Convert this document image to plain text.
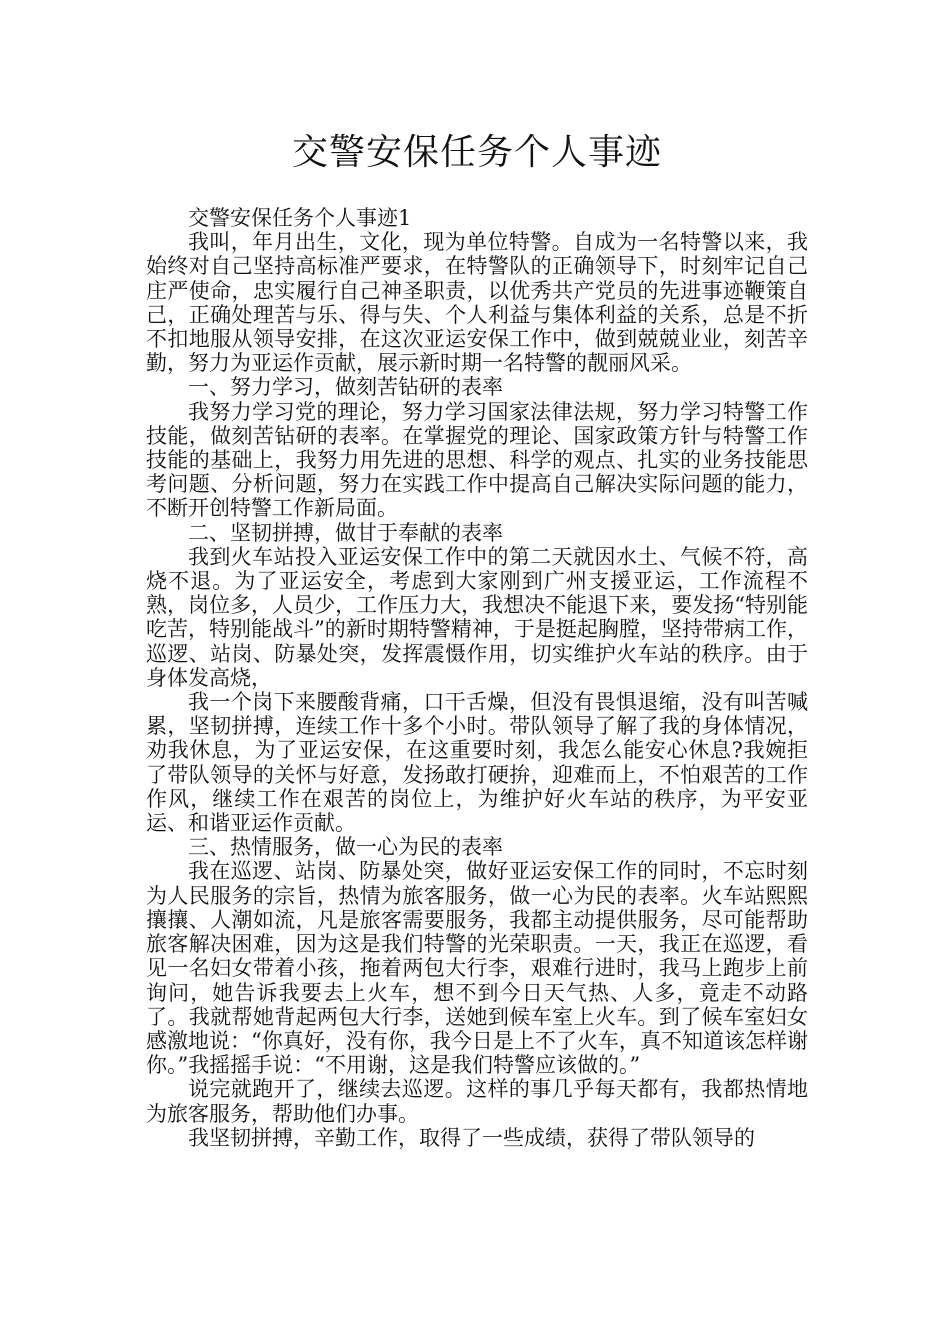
交警安保任务个人事迹

交警安保任务个人事迹1

我叫，年月出生，文化，现为单位特警。自成为一名特警以来，我始终对自己坚持高标准严要求，在特警队的正确领导下，时刻牢记自己庄严使命，忠实履行自己神圣职责，以优秀共产党员的先进事迹鞭策自己，正确处理苦与乐、得与失、个人利益与集体利益的关系，总是不折不扣地服从领导安排，在这次亚运安保工作中，做到兢兢业业，刻苦辛勤，努力为亚运作贡献，展示新时期一名特警的靓丽风采。

一、努力学习，做刻苦钻研的表率

我努力学习党的理论，努力学习国家法律法规，努力学习特警工作技能，做刻苦钻研的表率。在掌握党的理论、国家政策方针与特警工作技能的基础上，我努力用先进的思想、科学的观点、扎实的业务技能思考问题、分析问题，努力在实践工作中提高自己解决实际问题的能力，不断开创特警工作新局面。

二、坚韧拼搏，做甘于奉献的表率

我到火车站投入亚运安保工作中的第二天就因水土、气候不符，高烧不退。为了亚运安全，考虑到大家刚到广州支援亚运，工作流程不熟，岗位多，人员少，工作压力大，我想决不能退下来，要发扬“特别能吃苦，特别能战斗”的新时期特警精神，于是挺起胸膛，坚持带病工作，巡逻、站岗、防暴处突，发挥震慑作用，切实维护火车站的秩序。由于身体发高烧，

我一个岗下来腰酸背痛，口干舌燥，但没有畏惧退缩，没有叫苦喊累，坚韧拼搏，连续工作十多个小时。带队领导了解了我的身体情况，劝我休息，为了亚运安保，在这重要时刻，我怎么能安心休息?我婉拒了带队领导的关怀与好意，发扬敢打硬拚，迎难而上，不怕艰苦的工作作风，继续工作在艰苦的岗位上，为维护好火车站的秩序，为平安亚运、和谐亚运作贡献。

三、热情服务，做一心为民的表率

我在巡逻、站岗、防暴处突，做好亚运安保工作的同时，不忘时刻为人民服务的宗旨，热情为旅客服务，做一心为民的表率。火车站熙熙攘攘、人潮如流，凡是旅客需要服务，我都主动提供服务，尽可能帮助旅客解决困难，因为这是我们特警的光荣职责。一天，我正在巡逻，看见一名妇女带着小孩，拖着两包大行李，艰难行进时，我马上跑步上前询问，她告诉我要去上火车，想不到今日天气热、人多，竟走不动路了。我就帮她背起两包大行李，送她到候车室上火车。到了候车室妇女感激地说：“你真好，没有你，我今日是上不了火车，真不知道该怎样谢你。”我摇摇手说：“不用谢，这是我们特警应该做的。”

说完就跑开了，继续去巡逻。这样的事几乎每天都有，我都热情地为旅客服务，帮助他们办事。

我坚韧拼搏，辛勤工作，取得了一些成绩，获得了带队领导的
